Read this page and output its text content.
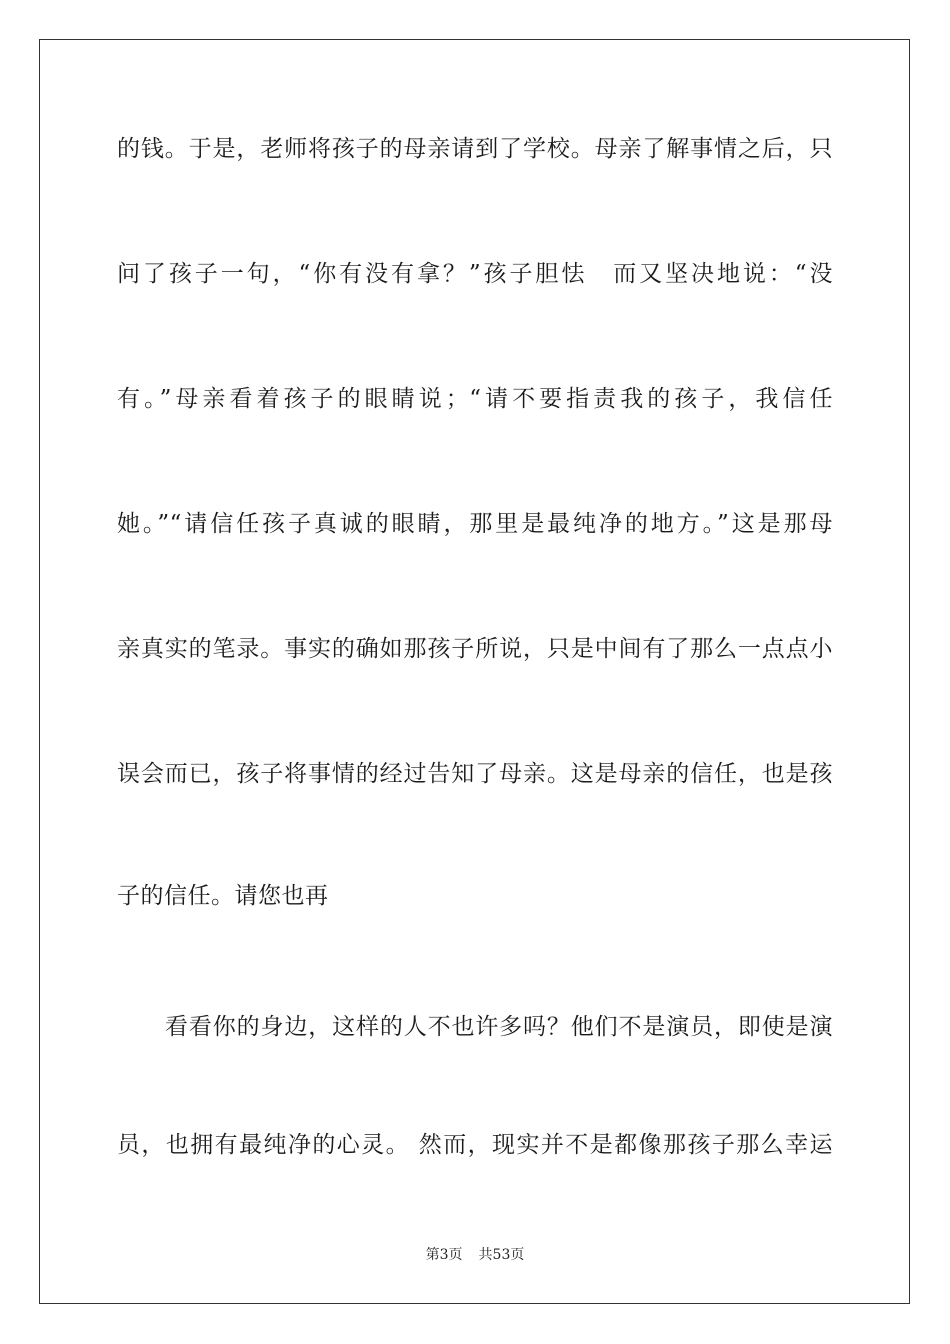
的钱。于是，老师将孩子的母亲请到了学校。母亲了解事情之后，只
问了孩子一句，“你有没有拿？”孩子胆怯　而又坚决地说：“没
有。”母亲看着孩子的眼睛说；“请不要指责我的孩子，我信任
她。”“请信任孩子真诚的眼睛，那里是最纯净的地方。”这是那母
亲真实的笔录。事实的确如那孩子所说，只是中间有了那么一点点小
误会而已，孩子将事情的经过告知了母亲。这是母亲的信任，也是孩
子的信任。请您也再
看看你的身边，这样的人不也许多吗？他们不是演员，即使是演
员，也拥有最纯净的心灵。 然而，现实并不是都像那孩子那么幸运
第3页 共53页
